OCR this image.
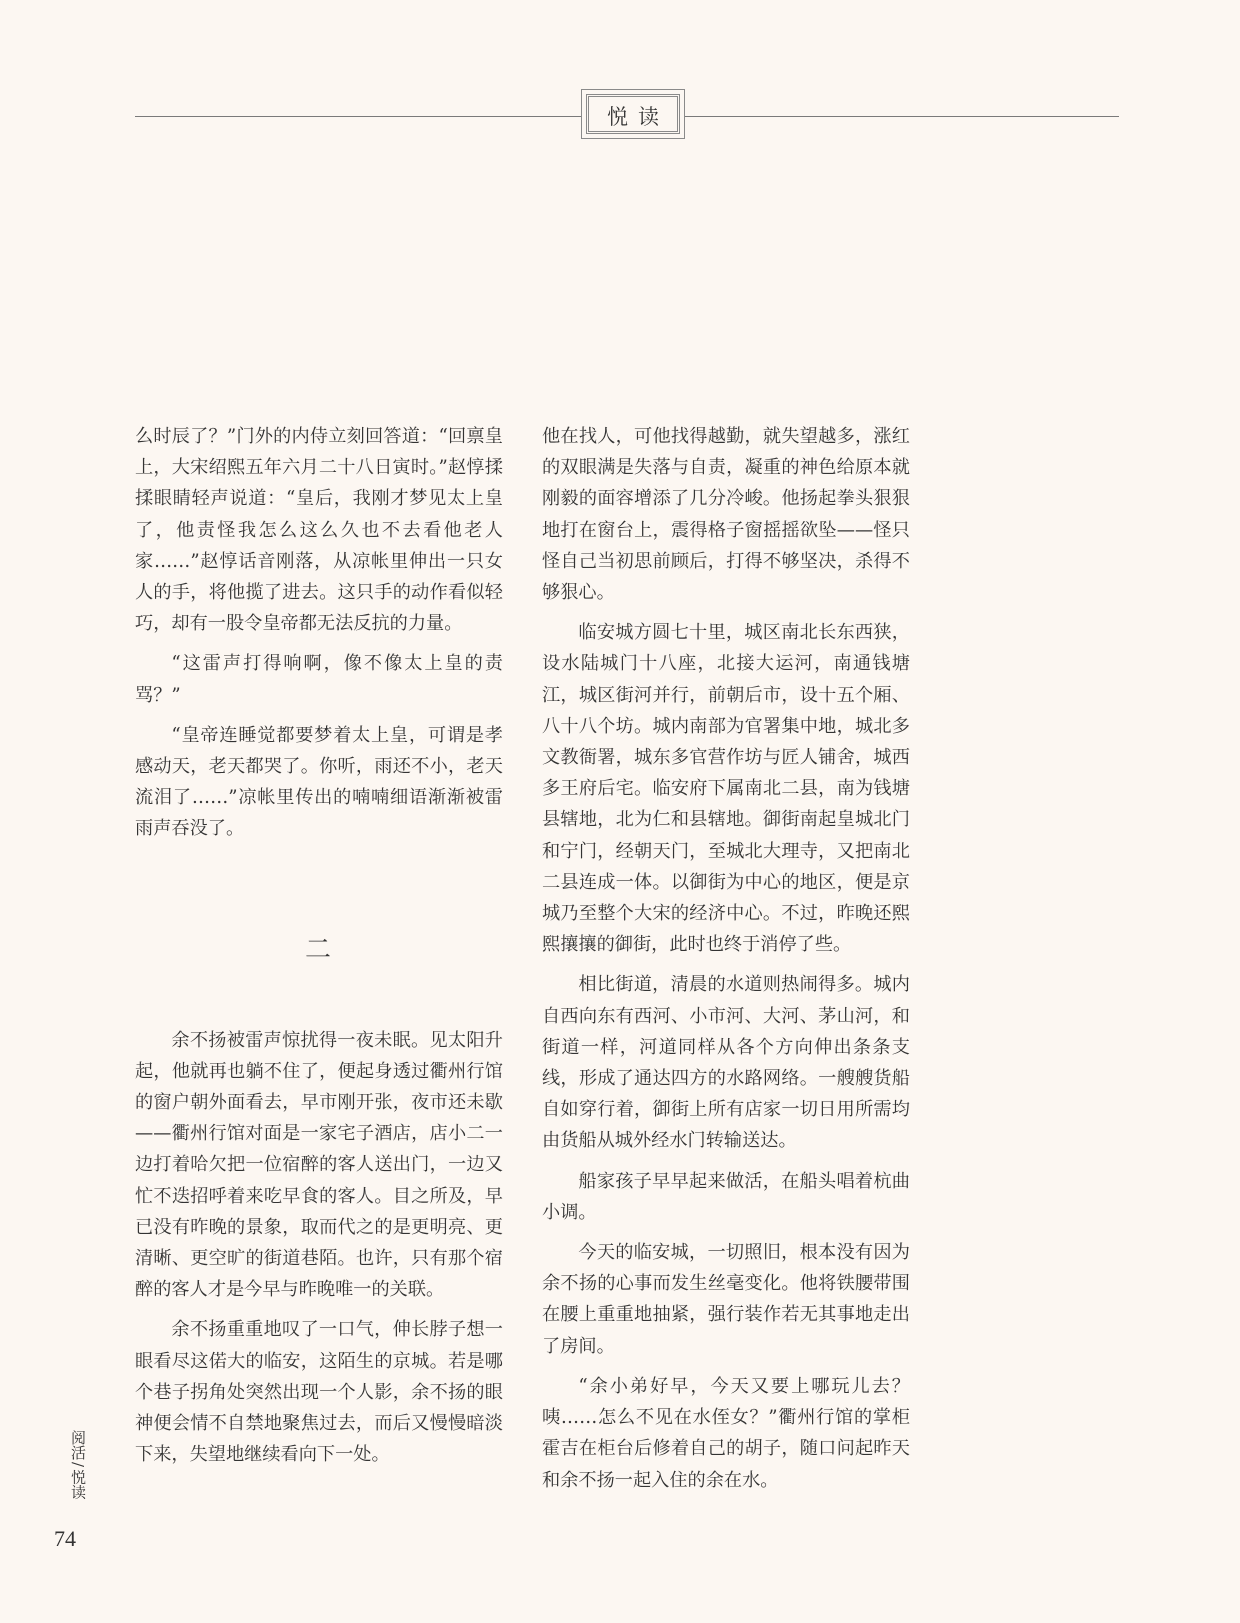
悦读

么时辰了？”门外的内侍立刻回答道：“回禀皇上，大宋绍熙五年六月二十八日寅时。”赵惇揉揉眼睛轻声说道：“皇后，我刚才梦见太上皇了，他责怪我怎么这么久也不去看他老人家……”赵惇话音刚落，从凉帐里伸出一只女人的手，将他揽了进去。这只手的动作看似轻巧，却有一股令皇帝都无法反抗的力量。

“这雷声打得响啊，像不像太上皇的责骂？”

“皇帝连睡觉都要梦着太上皇，可谓是孝感动天，老天都哭了。你听，雨还不小，老天流泪了……”凉帐里传出的喃喃细语渐渐被雷雨声吞没了。

二

余不扬被雷声惊扰得一夜未眠。见太阳升起，他就再也躺不住了，便起身透过衢州行馆的窗户朝外面看去，早市刚开张，夜市还未歇——衢州行馆对面是一家宅子酒店，店小二一边打着哈欠把一位宿醉的客人送出门，一边又忙不迭招呼着来吃早食的客人。目之所及，早已没有昨晚的景象，取而代之的是更明亮、更清晰、更空旷的街道巷陌。也许，只有那个宿醉的客人才是今早与昨晚唯一的关联。

余不扬重重地叹了一口气，伸长脖子想一眼看尽这偌大的临安，这陌生的京城。若是哪个巷子拐角处突然出现一个人影，余不扬的眼神便会情不自禁地聚焦过去，而后又慢慢暗淡下来，失望地继续看向下一处。

他在找人，可他找得越勤，就失望越多，涨红的双眼满是失落与自责，凝重的神色给原本就刚毅的面容增添了几分冷峻。他扬起拳头狠狠地打在窗台上，震得格子窗摇摇欲坠——怪只怪自己当初思前顾后，打得不够坚决，杀得不够狠心。

临安城方圆七十里，城区南北长东西狭，设水陆城门十八座，北接大运河，南通钱塘江，城区街河并行，前朝后市，设十五个厢、八十八个坊。城内南部为官署集中地，城北多文教衙署，城东多官营作坊与匠人铺舍，城西多王府后宅。临安府下属南北二县，南为钱塘县辖地，北为仁和县辖地。御街南起皇城北门和宁门，经朝天门，至城北大理寺，又把南北二县连成一体。以御街为中心的地区，便是京城乃至整个大宋的经济中心。不过，昨晚还熙熙攘攘的御街，此时也终于消停了些。

相比街道，清晨的水道则热闹得多。城内自西向东有西河、小市河、大河、茅山河，和街道一样，河道同样从各个方向伸出条条支线，形成了通达四方的水路网络。一艘艘货船自如穿行着，御街上所有店家一切日用所需均由货船从城外经水门转输送达。

船家孩子早早起来做活，在船头唱着杭曲小调。

今天的临安城，一切照旧，根本没有因为余不扬的心事而发生丝毫变化。他将铁腰带围在腰上重重地抽紧，强行装作若无其事地走出了房间。

“余小弟好早，今天又要上哪玩儿去？咦……怎么不见在水侄女？”衢州行馆的掌柜霍吉在柜台后修着自己的胡子，随口问起昨天和余不扬一起入住的余在水。

阅活/悦读
74
